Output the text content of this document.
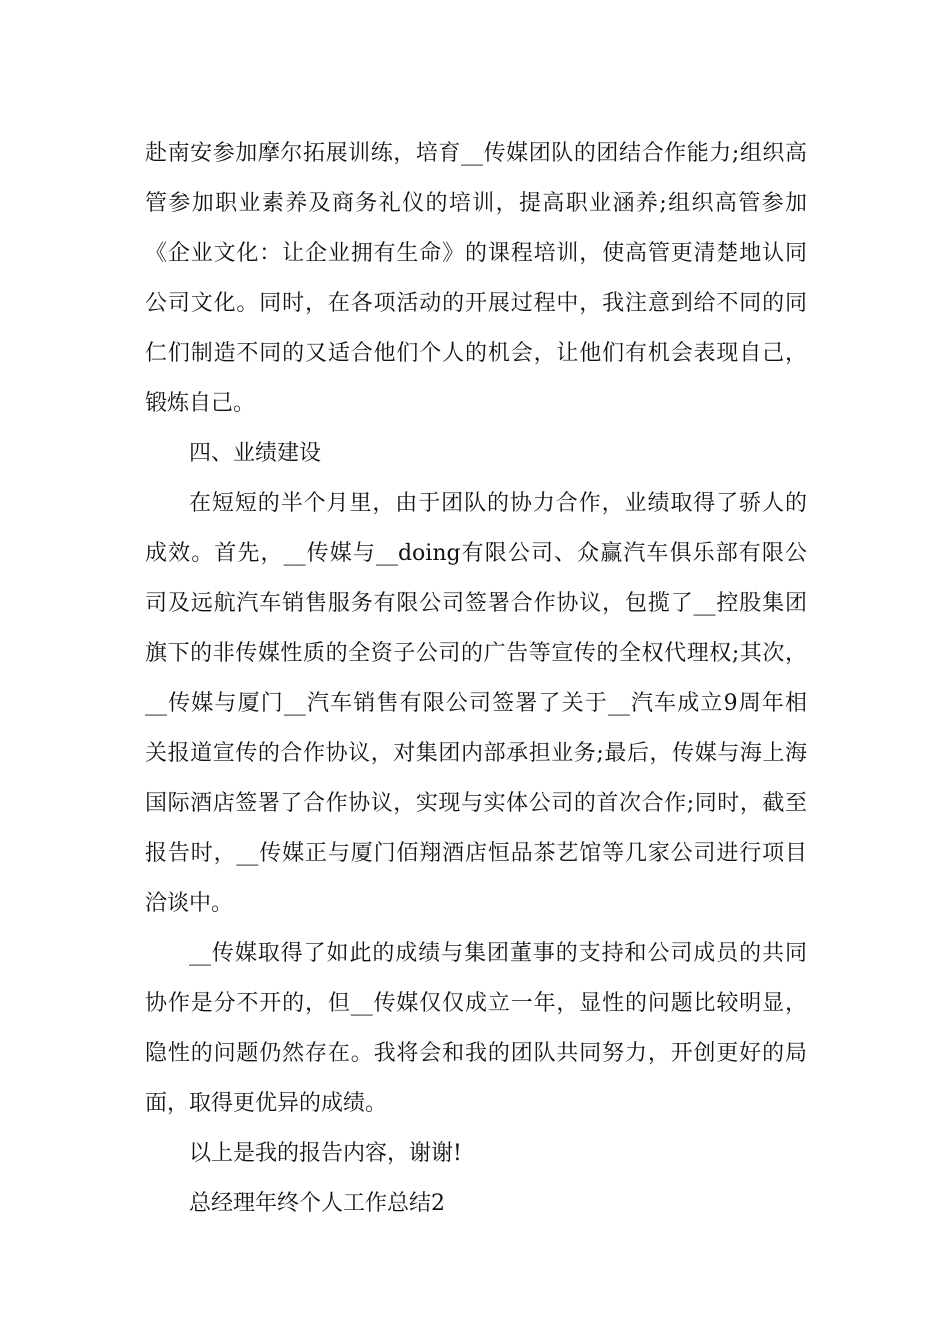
赴南安参加摩尔拓展训练，培育__传媒团队的团结合作能力;组织高
管参加职业素养及商务礼仪的培训，提高职业涵养;组织高管参加
《企业文化：让企业拥有生命》的课程培训，使高管更清楚地认同
公司文化。同时，在各项活动的开展过程中，我注意到给不同的同
仁们制造不同的又适合他们个人的机会，让他们有机会表现自己，
锻炼自己。
四、业绩建设
在短短的半个月里，由于团队的协力合作，业绩取得了骄人的
成效。首先，__传媒与__doing有限公司、众赢汽车俱乐部有限公
司及远航汽车销售服务有限公司签署合作协议，包揽了__控股集团
旗下的非传媒性质的全资子公司的广告等宣传的全权代理权;其次，
__传媒与厦门__汽车销售有限公司签署了关于__汽车成立9周年相
关报道宣传的合作协议，对集团内部承担业务;最后，传媒与海上海
国际酒店签署了合作协议，实现与实体公司的首次合作;同时，截至
报告时，__传媒正与厦门佰翔酒店恒品茶艺馆等几家公司进行项目
洽谈中。
__传媒取得了如此的成绩与集团董事的支持和公司成员的共同
协作是分不开的，但__传媒仅仅成立一年，显性的问题比较明显，
隐性的问题仍然存在。我将会和我的团队共同努力，开创更好的局
面，取得更优异的成绩。
以上是我的报告内容，谢谢!
总经理年终个人工作总结2
